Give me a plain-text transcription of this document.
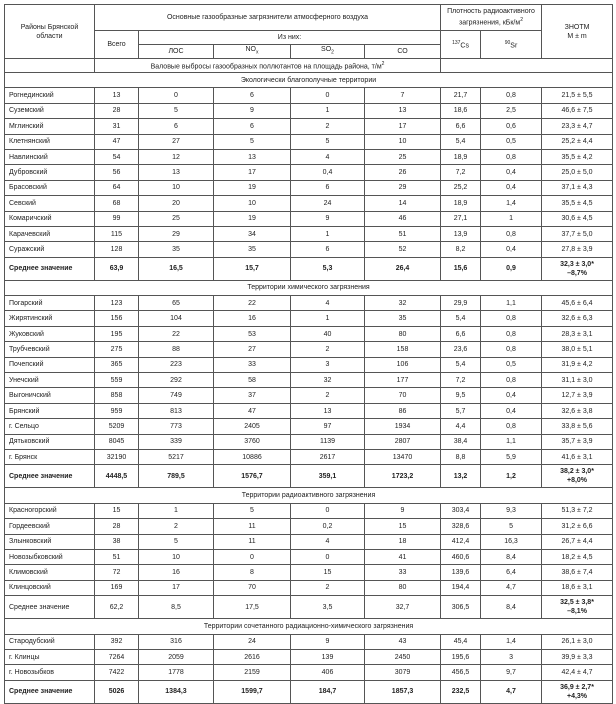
Районы Брянской области	Основные газообразные загрязнители атмосферного воздуха					Плотность радиоактивного загрязнения, кБк/$м^2$		ЗНОТМ
M ± m

	Всего	Из них:				$^{137}$Cs	$^{90}$Sr	
		ЛОС	$NO_x$	$SO_2$	СО			
	Валовые выбросы газообразных поллютантов на площадь района, $т/м^2$	
Экологически благополучные территории								
Рогнединский	13	0	6	0	7	21,7	0,8	21,5 ± 5,5
Суземский	28	5	9	1	13	18,6	2,5	46,6 ± 7,5
Мглинский	31	6	6	2	17	6,6	0,6	23,3 ± 4,7
Клетнянский	47	27	5	5	10	5,4	0,5	25,2 ± 4,4
Навлинский	54	12	13	4	25	18,9	0,8	35,5 ± 4,2
Дубровский	56	13	17	0,4	26	7,2	0,4	25,0 ± 5,0
Брасовский	64	10	19	6	29	25,2	0,4	37,1 ± 4,3
Севский	68	20	10	24	14	18,9	1,4	35,5 ± 4,5
Комаричский	99	25	19	9	46	27,1	1	30,6 ± 4,5
Карачевский	115	29	34	1	51	13,9	0,8	37,7 ± 5,0
Суражский	128	35	35	6	52	8,2	0,4	27,8 ± 3,9
Среднее значение	63,9	16,5	15,7	5,3	26,4	15,6	0,9	32,3 ± 3,0*
–8,7%

Территории химического загрязнения								
Погарский	123	65	22	4	32	29,9	1,1	45,6 ± 6,4
Жирятинский	156	104	16	1	35	5,4	0,8	32,6 ± 6,3
Жуковский	195	22	53	40	80	6,6	0,8	28,3 ± 3,1
Трубчевский	275	88	27	2	158	23,6	0,8	38,0 ± 5,1
Почепский	365	223	33	3	106	5,4	0,5	31,9 ± 4,2
Унечский	559	292	58	32	177	7,2	0,8	31,1 ± 3,0
Выгоничский	858	749	37	2	70	9,5	0,4	12,7 ± 3,9
Брянский	959	813	47	13	86	5,7	0,4	32,6 ± 3,8
г. Сельцо	5209	773	2405	97	1934	4,4	0,8	33,8 ± 5,6
Дятьковский	8045	339	3760	1139	2807	38,4	1,1	35,7 ± 3,9
г. Брянск	32190	5217	10886	2617	13470	8,8	5,9	41,6 ± 3,1
Среднее значение	4448,5	789,5	1576,7	359,1	1723,2	13,2	1,2	38,2 ± 3,0*
+8,0%

Территории радиоактивного загрязнения								
Красногорский	15	1	5	0	9	303,4	9,3	51,3 ± 7,2
Гордеевский	28	2	11	0,2	15	328,6	5	31,2 ± 6,6
Злынковский	38	5	11	4	18	412,4	16,3	26,7 ± 4,4
Новозыбковский	51	10	0	0	41	460,6	8,4	18,2 ± 4,5
Климовский	72	16	8	15	33	139,6	6,4	38,6 ± 7,4
Клинцовский	169	17	70	2	80	194,4	4,7	18,6 ± 3,1
Среднее значение	62,2	8,5	17,5	3,5	32,7	306,5	8,4	32,5 ± 3,8*
–8,1%

Территории сочетанного радиационно-химического загрязнения								
Стародубский	392	316	24	9	43	45,4	1,4	26,1 ± 3,0
г. Клинцы	7264	2059	2616	139	2450	195,6	3	39,9 ± 3,3
г. Новозыбков	7422	1778	2159	406	3079	456,5	9,7	42,4 ± 4,7
Среднее значение	5026	1384,3	1599,7	184,7	1857,3	232,5	4,7	36,9 ± 2,7*
+4,3%
